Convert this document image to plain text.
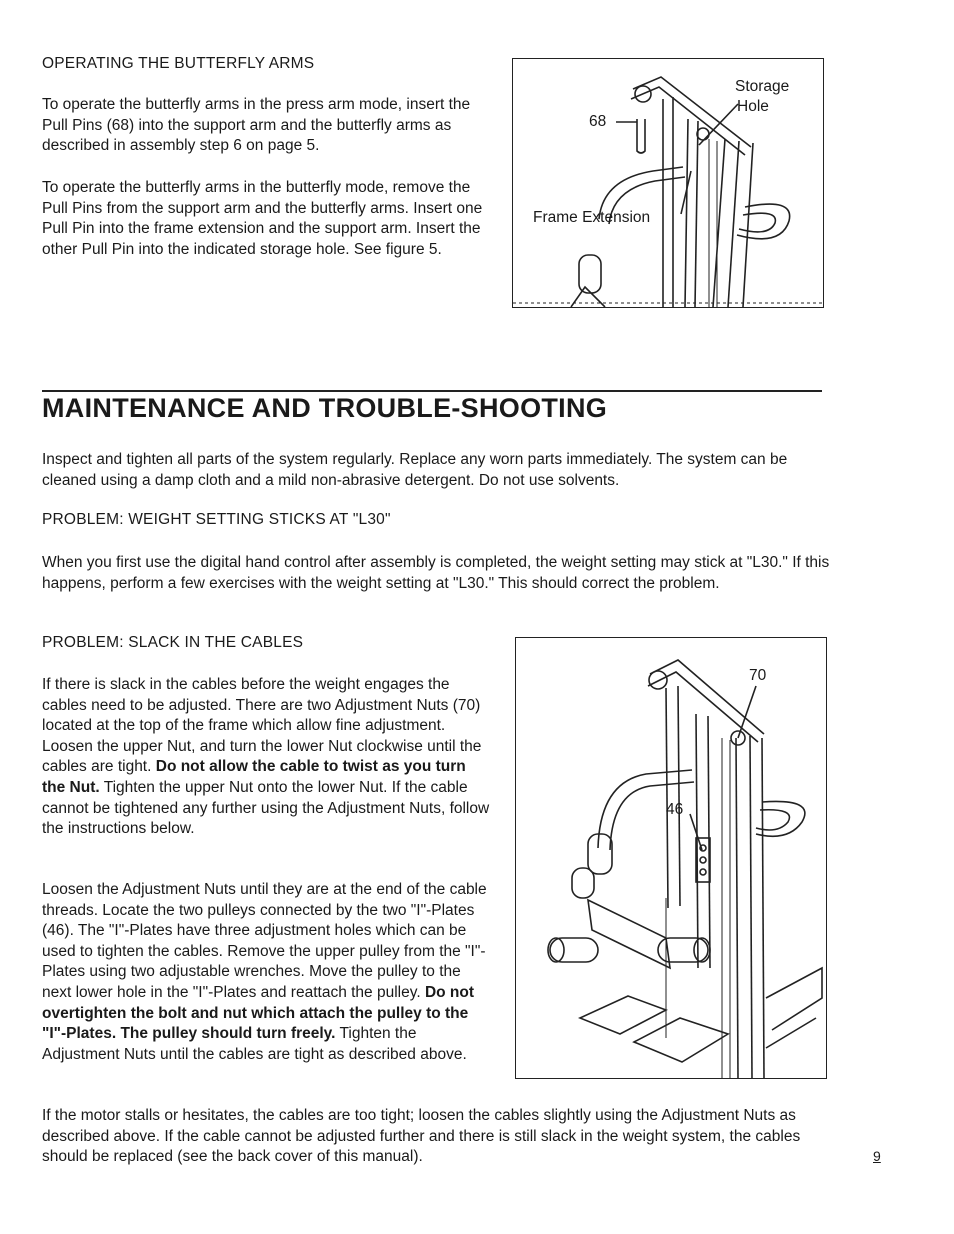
OPERATING THE BUTTERFLY ARMS

To operate the butterfly arms in the press arm mode, insert the Pull Pins (68) into the support arm and the butterfly arms as described in assembly step 6 on page 5.

To operate the butterfly arms in the butterfly mode, remove the Pull Pins from the support arm and the butterfly arms. Insert one Pull Pin into the frame extension and the support arm. Insert the other Pull Pin into the indicated storage hole. See figure 5.

Storage
Hole
68
Frame Extension
MAINTENANCE AND TROUBLE-SHOOTING

Inspect and tighten all parts of the system regularly. Replace any worn parts immediately. The system can be cleaned using a damp cloth and a mild non-abrasive detergent. Do not use solvents.

PROBLEM: WEIGHT SETTING STICKS AT "L30"

When you first use the digital hand control after assembly is completed, the weight setting may stick at "L30." If this happens, perform a few exercises with the weight setting at "L30." This should correct the problem.

PROBLEM: SLACK IN THE CABLES

If there is slack in the cables before the weight engages the cables need to be adjusted. There are two Adjustment Nuts (70) located at the top of the frame which allow fine adjustment. Loosen the upper Nut, and turn the lower Nut clockwise until the cables are tight. Do not allow the cable to twist as you turn the Nut. Tighten the upper Nut onto the lower Nut. If the cable cannot be tightened any further using the Adjustment Nuts, follow the instructions below.

Loosen the Adjustment Nuts until they are at the end of the cable threads. Locate the two pulleys connected by the two "I"-Plates (46). The "I"-Plates have three adjustment holes which can be used to tighten the cables. Remove the upper pulley from the "I"-Plates using two adjustable wrenches. Move the pulley to the next lower hole in the "I"-Plates and reattach the pulley. Do not overtighten the bolt and nut which attach the pulley to the "I"-Plates. The pulley should turn freely. Tighten the Adjustment Nuts until the cables are tight as described above.

70
46

If the motor stalls or hesitates, the cables are too tight; loosen the cables slightly using the Adjustment Nuts as described above. If the cable cannot be adjusted further and there is still slack in the weight system, the cables should be replaced (see the back cover of this manual).	9
